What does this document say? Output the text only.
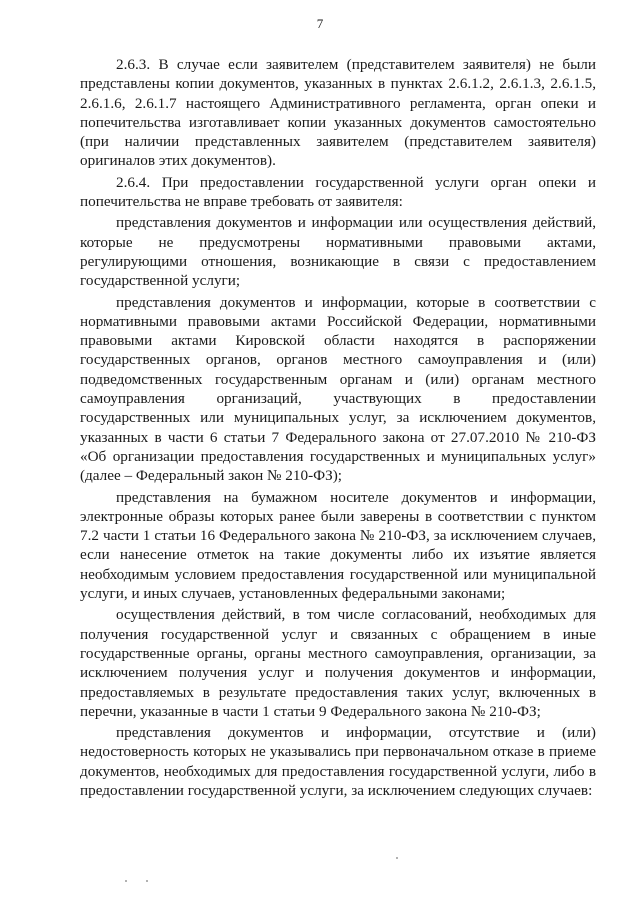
7

2.6.3. В случае если заявителем (представителем заявителя) не были представлены копии документов, указанных в пунктах 2.6.1.2, 2.6.1.3, 2.6.1.5, 2.6.1.6, 2.6.1.7 настоящего Административного регламента, орган опеки и попечительства изготавливает копии указанных документов самостоятельно (при наличии представленных заявителем (представителем заявителя) оригиналов этих документов).

2.6.4. При предоставлении государственной услуги орган опеки и попечительства не вправе требовать от заявителя:

представления документов и информации или осуществления действий, которые не предусмотрены нормативными правовыми актами, регулирующими отношения, возникающие в связи с предоставлением государственной услуги;

представления документов и информации, которые в соответствии с нормативными правовыми актами Российской Федерации, нормативными правовыми актами Кировской области находятся в распоряжении государственных органов, органов местного самоуправления и (или) подведомственных государственным органам и (или) органам местного самоуправления организаций, участвующих в предоставлении государственных или муниципальных услуг, за исключением документов, указанных в части 6 статьи 7 Федерального закона от 27.07.2010 № 210-ФЗ «Об организации предоставления государственных и муниципальных услуг» (далее – Федеральный закон № 210-ФЗ);

представления на бумажном носителе документов и информации, электронные образы которых ранее были заверены в соответствии с пунктом 7.2 части 1 статьи 16 Федерального закона № 210-ФЗ, за исключением случаев, если нанесение отметок на такие документы либо их изъятие является необходимым условием предоставления государственной или муниципальной услуги, и иных случаев, установленных федеральными законами;

осуществления действий, в том числе согласований, необходимых для получения государственной услуг и связанных с обращением в иные государственные органы, органы местного самоуправления, организации, за исключением получения услуг и получения документов и информации, предоставляемых в результате предоставления таких услуг, включенных в перечни, указанные в части 1 статьи 9 Федерального закона № 210-ФЗ;

представления документов и информации, отсутствие и (или) недостоверность которых не указывались при первоначальном отказе в приеме документов, необходимых для предоставления государственной услуги, либо в предоставлении государственной услуги, за исключением следующих случаев:
